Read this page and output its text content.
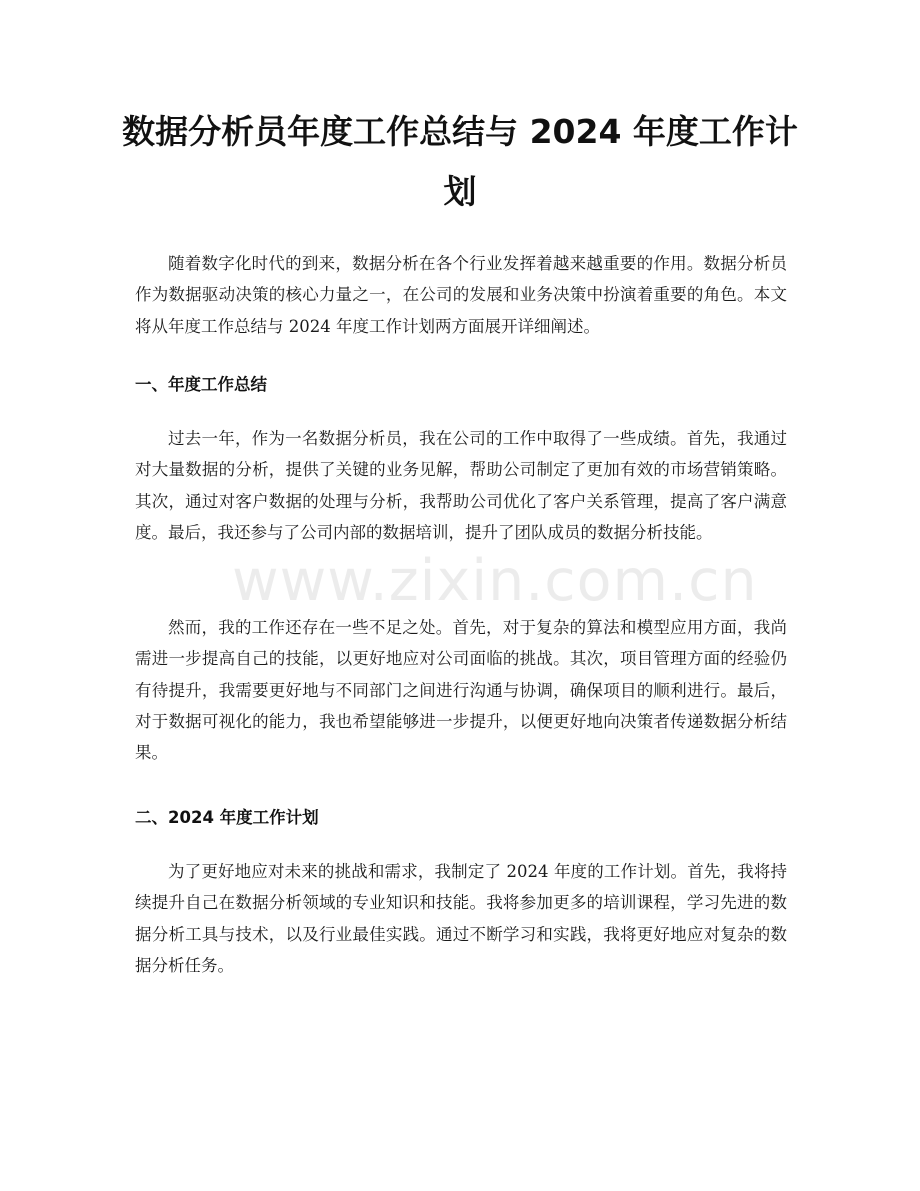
数据分析员年度工作总结与 2024 年度工作计划

随着数字化时代的到来，数据分析在各个行业发挥着越来越重要的作用。数据分析员作为数据驱动决策的核心力量之一，在公司的发展和业务决策中扮演着重要的角色。本文将从年度工作总结与 2024 年度工作计划两方面展开详细阐述。

一、年度工作总结

过去一年，作为一名数据分析员，我在公司的工作中取得了一些成绩。首先，我通过对大量数据的分析，提供了关键的业务见解，帮助公司制定了更加有效的市场营销策略。其次，通过对客户数据的处理与分析，我帮助公司优化了客户关系管理，提高了客户满意度。最后，我还参与了公司内部的数据培训，提升了团队成员的数据分析技能。

然而，我的工作还存在一些不足之处。首先，对于复杂的算法和模型应用方面，我尚需进一步提高自己的技能，以更好地应对公司面临的挑战。其次，项目管理方面的经验仍有待提升，我需要更好地与不同部门之间进行沟通与协调，确保项目的顺利进行。最后，对于数据可视化的能力，我也希望能够进一步提升，以便更好地向决策者传递数据分析结果。

二、2024 年度工作计划

为了更好地应对未来的挑战和需求，我制定了 2024 年度的工作计划。首先，我将持续提升自己在数据分析领域的专业知识和技能。我将参加更多的培训课程，学习先进的数据分析工具与技术，以及行业最佳实践。通过不断学习和实践，我将更好地应对复杂的数据分析任务。

www.zixin.com.cn
